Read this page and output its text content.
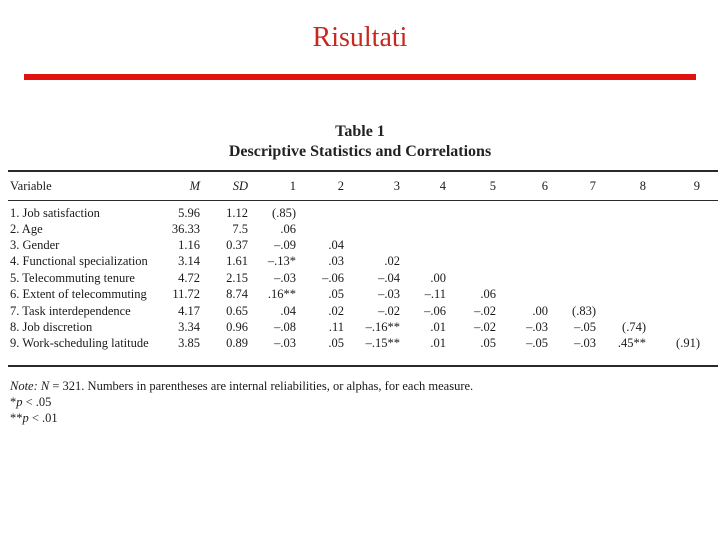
Risultati
Table 1
Descriptive Statistics and Correlations
Variable	M	SD	1	2	3	4	5	6	7	8	9
1. Job satisfaction	5.96	1.12	(.85)								
2. Age	36.33	7.5	.06								
3. Gender	1.16	0.37	–.09	.04							
4. Functional specialization	3.14	1.61	–.13*	.03	.02						
5. Telecommuting tenure	4.72	2.15	–.03	–.06	–.04	.00					
6. Extent of telecommuting	11.72	8.74	.16**	.05	–.03	–.11	.06				
7. Task interdependence	4.17	0.65	.04	.02	–.02	–.06	–.02	.00	(.83)		
8. Job discretion	3.34	0.96	–.08	.11	–.16**	.01	–.02	–.03	–.05	(.74)	
9. Work-scheduling latitude	3.85	0.89	–.03	.05	–.15**	.01	.05	–.05	–.03	.45**	(.91)
Note: N = 321. Numbers in parentheses are internal reliabilities, or alphas, for each measure.
*p < .05
**p < .01
